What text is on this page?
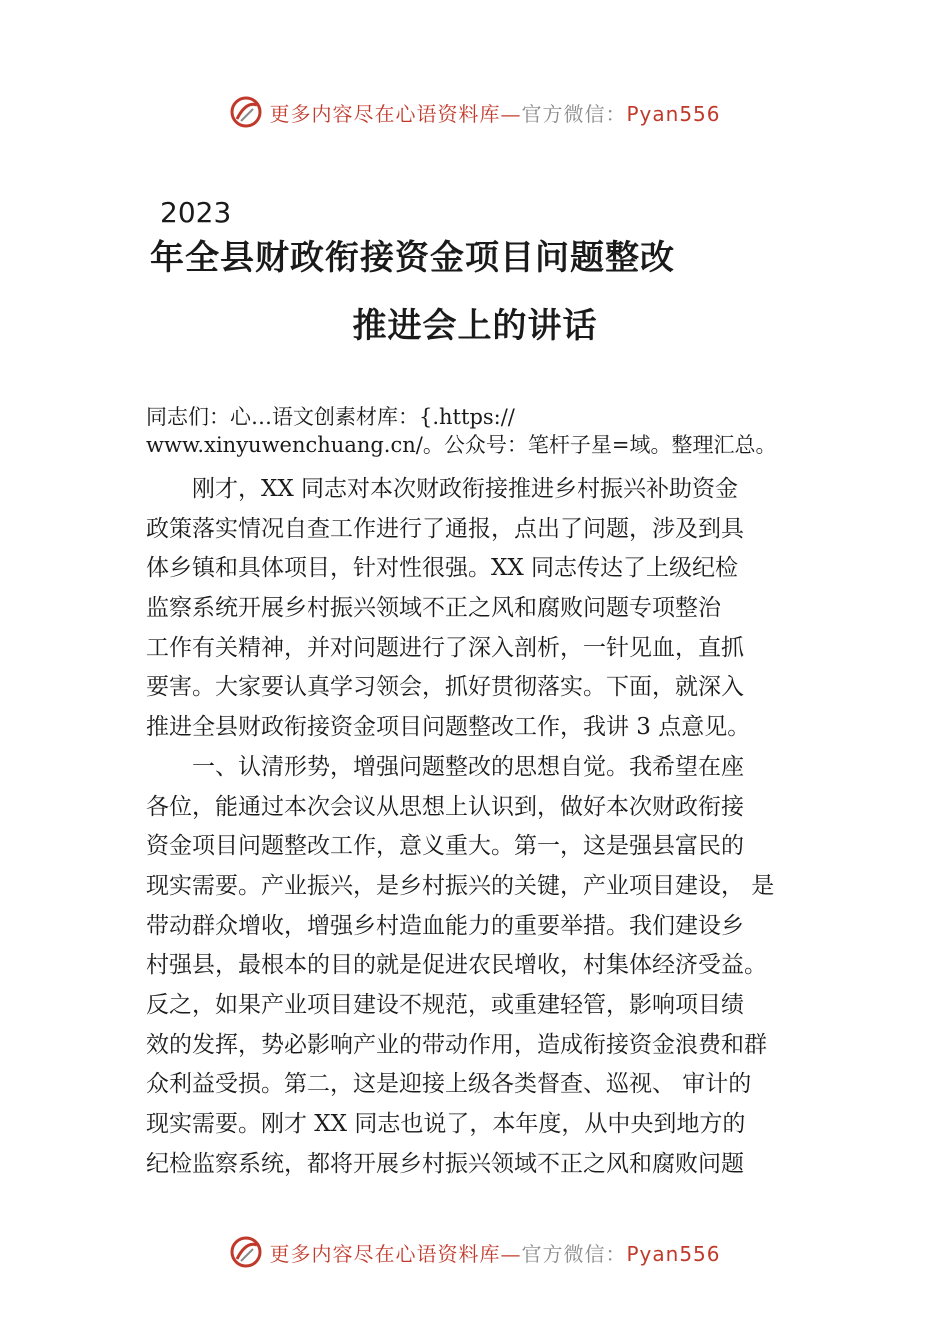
更多内容尽在心语资料库—官方微信：Pyan556
2023
年全县财政衔接资金项目问题整改
推进会上的讲话
同志们：心…语文创素材库：{.https://
www.xinyuwenchuang.cn/。公众号：笔杆子星=域。整理汇总。
　　刚才，XX 同志对本次财政衔接推进乡村振兴补助资金
政策落实情况自查工作进行了通报，点出了问题，涉及到具
体乡镇和具体项目，针对性很强。XX 同志传达了上级纪检
监察系统开展乡村振兴领域不正之风和腐败问题专项整治
工作有关精神，并对问题进行了深入剖析，一针见血，直抓
要害。大家要认真学习领会，抓好贯彻落实。下面，就深入
推进全县财政衔接资金项目问题整改工作，我讲 3 点意见。
　　一、认清形势，增强问题整改的思想自觉。我希望在座
各位，能通过本次会议从思想上认识到，做好本次财政衔接
资金项目问题整改工作，意义重大。第一，这是强县富民的
现实需要。产业振兴，是乡村振兴的关键，产业项目建设， 是
带动群众增收，增强乡村造血能力的重要举措。我们建设乡
村强县，最根本的目的就是促进农民增收，村集体经济受益。
反之，如果产业项目建设不规范，或重建轻管，影响项目绩
效的发挥，势必影响产业的带动作用，造成衔接资金浪费和群
众利益受损。第二，这是迎接上级各类督查、巡视、 审计的
现实需要。刚才 XX 同志也说了，本年度，从中央到地方的
纪检监察系统，都将开展乡村振兴领域不正之风和腐败问题
更多内容尽在心语资料库—官方微信：Pyan556
